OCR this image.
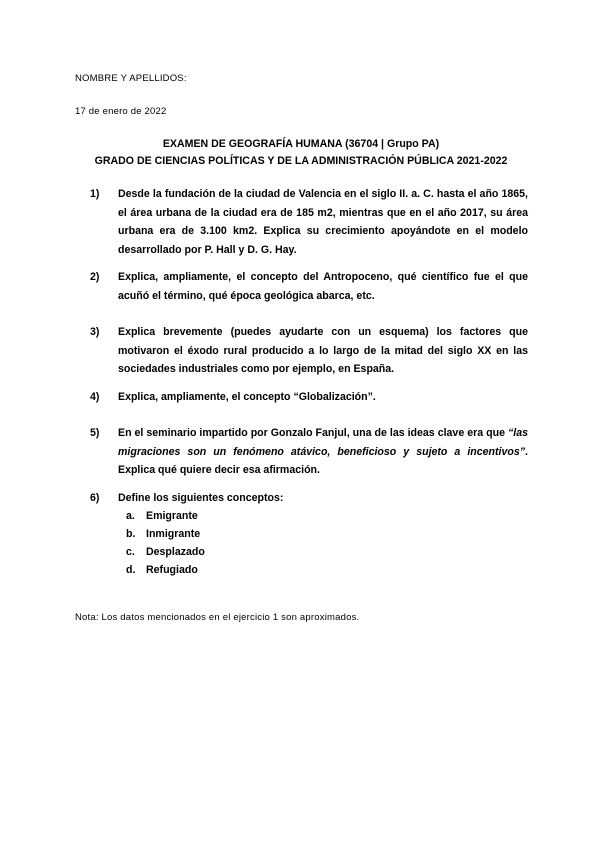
NOMBRE Y APELLIDOS:
17 de enero de 2022
EXAMEN DE GEOGRAFÍA HUMANA (36704 | Grupo PA)
GRADO DE CIENCIAS POLÍTICAS Y DE LA ADMINISTRACIÓN PÚBLICA 2021-2022
1)	Desde la fundación de la ciudad de Valencia en el siglo II. a. C. hasta el año 1865, el área urbana de la ciudad era de 185 m2, mientras que en el año 2017, su área urbana era de 3.100 km2. Explica su crecimiento apoyándote en el modelo desarrollado por P. Hall y D. G. Hay.
2)	Explica, ampliamente, el concepto del Antropoceno, qué científico fue el que acuñó el término, qué época geológica abarca, etc.
3)	Explica brevemente (puedes ayudarte con un esquema) los factores que motivaron el éxodo rural producido a lo largo de la mitad del siglo XX en las sociedades industriales como por ejemplo, en España.
4)	Explica, ampliamente, el concepto “Globalización”.
5)	En el seminario impartido por Gonzalo Fanjul, una de las ideas clave era que “las migraciones son un fenómeno atávico, beneficioso y sujeto a incentivos”. Explica qué quiere decir esa afirmación.
6)	Define los siguientes conceptos:
a. Emigrante
b. Inmigrante
c. Desplazado
d. Refugiado
Nota: Los datos mencionados en el ejercicio 1 son aproximados.
